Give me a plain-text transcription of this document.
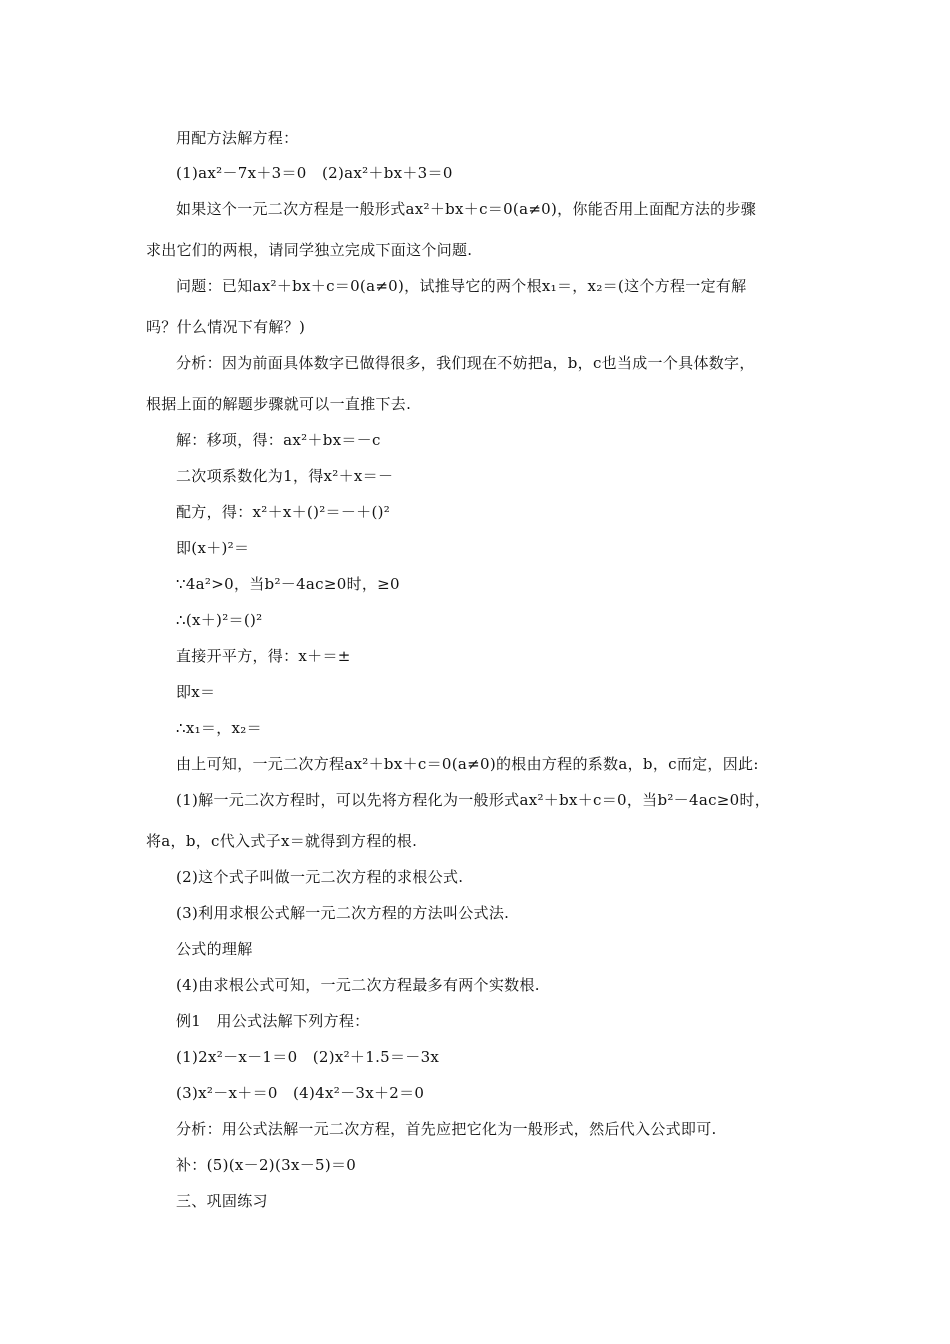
用配方法解方程：
(1)ax²－7x＋3＝0　(2)ax²＋bx＋3＝0
如果这个一元二次方程是一般形式ax²＋bx＋c＝0(a≠0)，你能否用上面配方法的步骤
求出它们的两根，请同学独立完成下面这个问题.
问题：已知ax²＋bx＋c＝0(a≠0)，试推导它的两个根x₁＝，x₂＝(这个方程一定有解
吗？什么情况下有解？)
分析：因为前面具体数字已做得很多，我们现在不妨把a，b，c也当成一个具体数字，
根据上面的解题步骤就可以一直推下去.
解：移项，得：ax²＋bx＝－c
二次项系数化为1，得x²＋x＝－
配方，得：x²＋x＋()²＝－＋()²
即(x＋)²＝
∵4a²>0，当b²－4ac≥0时，≥0
∴(x＋)²＝()²
直接开平方，得：x＋＝±
即x＝
∴x₁＝，x₂＝
由上可知，一元二次方程ax²＋bx＋c＝0(a≠0)的根由方程的系数a，b，c而定，因此:
(1)解一元二次方程时，可以先将方程化为一般形式ax²＋bx＋c＝0，当b²－4ac≥0时，
将a，b，c代入式子x＝就得到方程的根.
(2)这个式子叫做一元二次方程的求根公式.
(3)利用求根公式解一元二次方程的方法叫公式法.
公式的理解
(4)由求根公式可知，一元二次方程最多有两个实数根.
例1　用公式法解下列方程：
(1)2x²－x－1＝0　(2)x²＋1.5＝－3x
(3)x²－x＋＝0　(4)4x²－3x＋2＝0
分析：用公式法解一元二次方程，首先应把它化为一般形式，然后代入公式即可.
补：(5)(x－2)(3x－5)＝0
三、巩固练习
